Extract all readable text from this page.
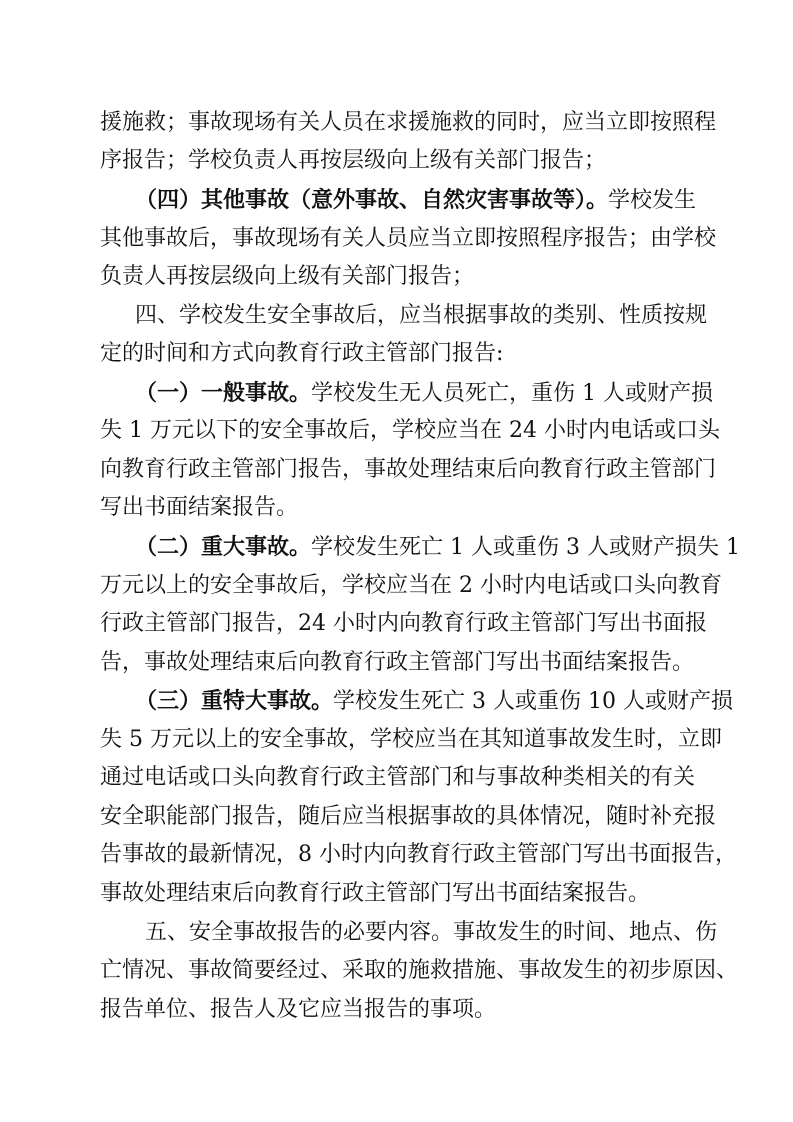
援施救；事故现场有关人员在求援施救的同时，应当立即按照程
序报告；学校负责人再按层级向上级有关部门报告；
（四）其他事故（意外事故、自然灾害事故等）。学校发生
其他事故后，事故现场有关人员应当立即按照程序报告；由学校
负责人再按层级向上级有关部门报告；
四、学校发生安全事故后，应当根据事故的类别、性质按规
定的时间和方式向教育行政主管部门报告:
（一）一般事故。学校发生无人员死亡，重伤 1 人或财产损
失 1 万元以下的安全事故后，学校应当在 24 小时内电话或口头
向教育行政主管部门报告，事故处理结束后向教育行政主管部门
写出书面结案报告。
（二）重大事故。学校发生死亡 1 人或重伤 3 人或财产损失 1
万元以上的安全事故后，学校应当在 2 小时内电话或口头向教育
行政主管部门报告，24 小时内向教育行政主管部门写出书面报
告，事故处理结束后向教育行政主管部门写出书面结案报告。
（三）重特大事故。学校发生死亡 3 人或重伤 10 人或财产损
失 5 万元以上的安全事故，学校应当在其知道事故发生时，立即
通过电话或口头向教育行政主管部门和与事故种类相关的有关
安全职能部门报告，随后应当根据事故的具体情况，随时补充报
告事故的最新情况，8 小时内向教育行政主管部门写出书面报告，
事故处理结束后向教育行政主管部门写出书面结案报告。
五、安全事故报告的必要内容。事故发生的时间、地点、伤
亡情况、事故简要经过、采取的施救措施、事故发生的初步原因、
报告单位、报告人及它应当报告的事项。
